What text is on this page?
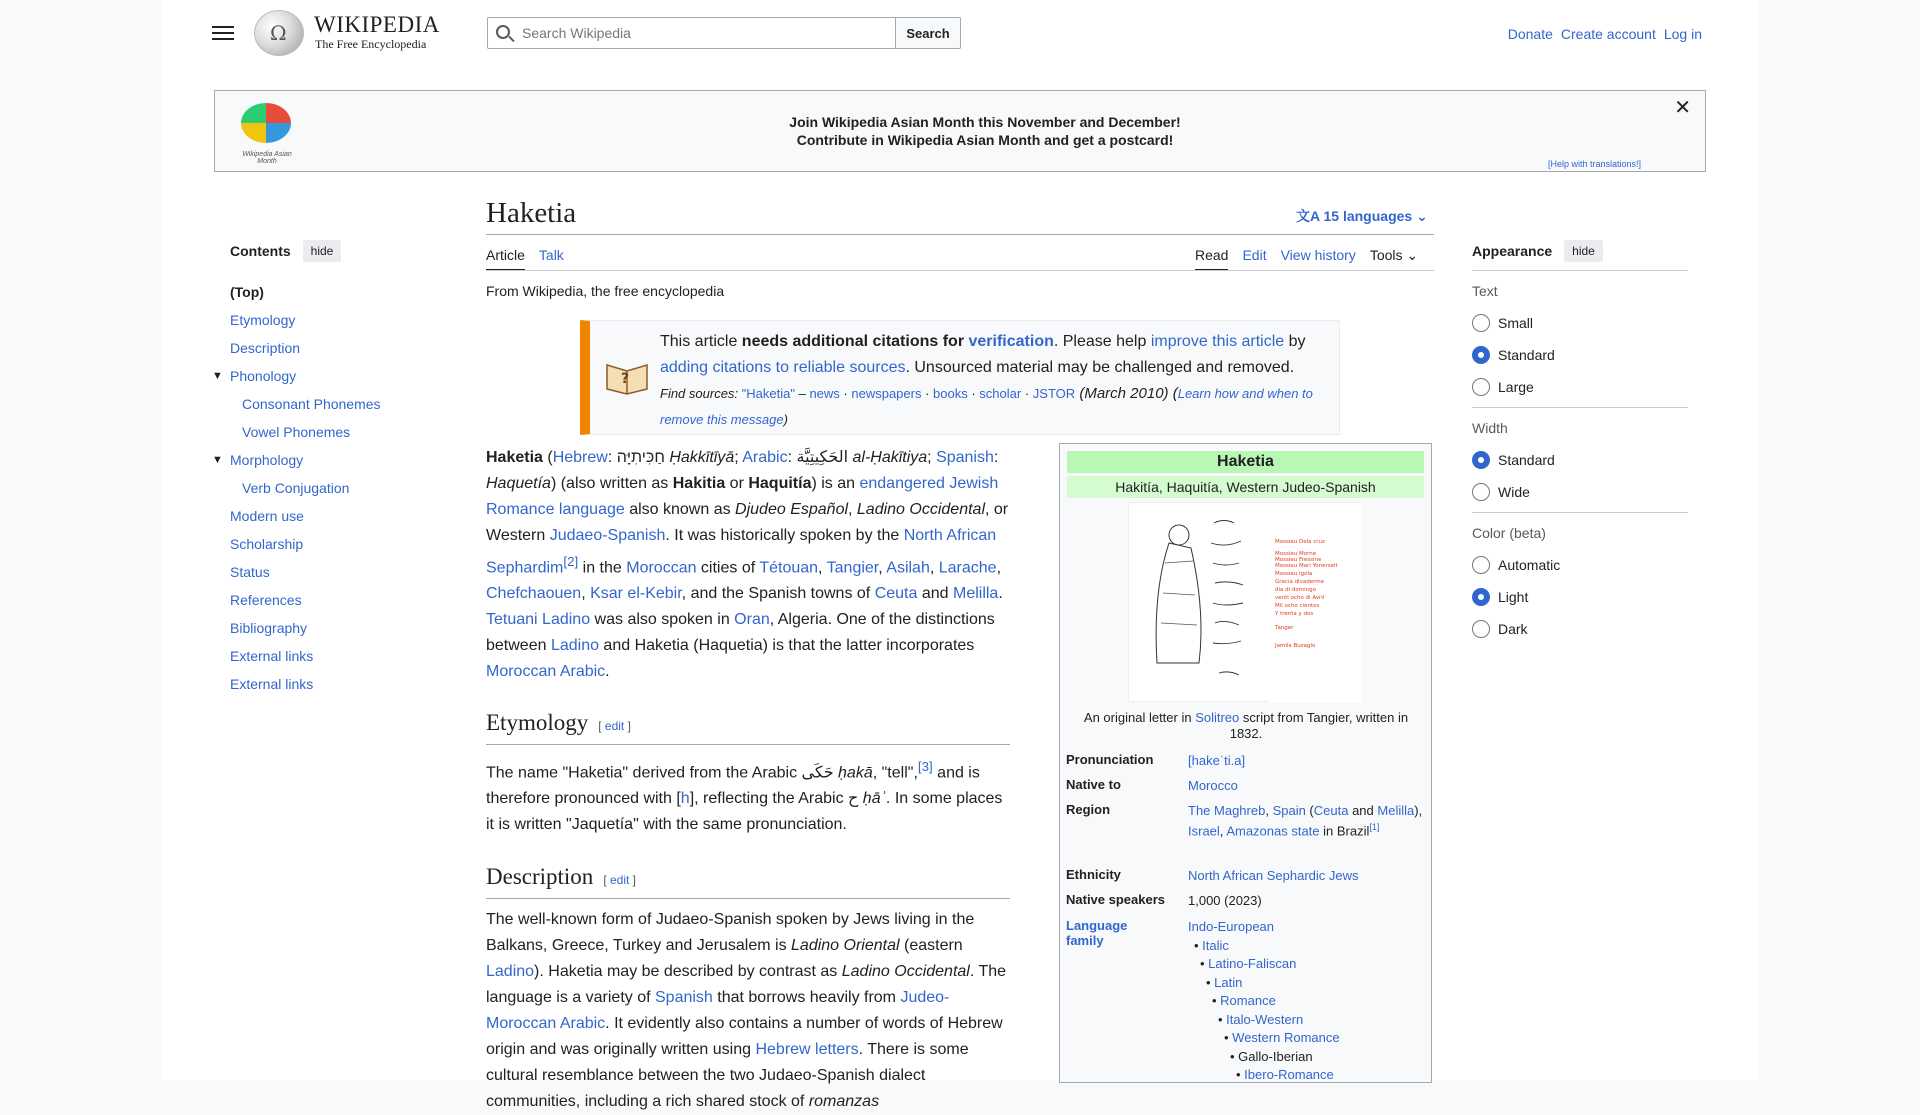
Ω
WIKIPEDIA
The Free Encyclopedia
Search Wikipedia
Search	Donate Create account Log in
Wikipedia Asian Month
Join Wikipedia Asian Month this November and December!
Contribute in Wikipedia Asian Month and get a postcard!
✕
[Help with translations!]
Contents	hide
(Top)
Etymology
Description
▼ Phonology
Consonant Phonemes
Vowel Phonemes
▼ Morphology
Verb Conjugation
Modern use
Scholarship
Status
References
Bibliography
External links
External links
Haketia	文A 15 languages ⌄
Article Talk	Read Edit View history Tools ⌄
From Wikipedia, the free encyclopedia
?
This article needs additional citations for verification. Please help improve this article by
adding citations to reliable sources. Unsourced material may be challenged and removed.
Find sources: "Haketia" – news · newspapers · books · scholar · JSTOR (March 2010) (Learn how and when to remove this message)
Haketia (Hebrew: חַכִּיתִיָּה Ḥakkītīyā; Arabic: الحَكِيتِيَّة al-Ḥakītiya; Spanish: Haquetía) (also written as Hakitia or Haquitía) is an endangered Jewish Romance language also known as Djudeo Español, Ladino Occidental, or Western Judaeo-Spanish. It was historically spoken by the North African Sephardim[2] in the Moroccan cities of Tétouan, Tangier, Asilah, Larache, Chefchaouen, Ksar el-Kebir, and the Spanish towns of Ceuta and Melilla. Tetuani Ladino was also spoken in Oran, Algeria. One of the distinctions between Ladino and Haketia (Haquetia) is that the latter incorporates Moroccan Arabic.
Etymology [ edit ]
The name "Haketia" derived from the Arabic حَكَى ḥakā, "tell",[3] and is therefore pronounced with [h], reflecting the Arabic ح ḥāʾ. In some places it is written "Jaquetía" with the same pronunciation.
Description [ edit ]
The well-known form of Judaeo-Spanish spoken by Jews living in the Balkans, Greece, Turkey and Jerusalem is Ladino Oriental (eastern Ladino). Haketia may be described by contrast as Ladino Occidental. The language is a variety of Spanish that borrows heavily from Judeo-Moroccan Arabic. It evidently also contains a number of words of Hebrew origin and was originally written using Hebrew letters. There is some cultural resemblance between the two Judaeo-Spanish dialect communities, including a rich shared stock of romanzas
Haketia
Hakitía, Haquitía, Western Judeo-Spanish
Mossieu Dela cruz
Mossieu Morne
Mossieu Fressine
Mossieu Mari Yonerselt
Mossieu Igola
Gracia divaderme
dia di domingo
venti ocho di Avril
Mil ocho cientos
Y trenta y dos
Tanger
Jamila Buzaglo
An original letter in Solitreo script from Tangier, written in 1832.
Pronunciation	[hakeˈti.a]
Native to	Morocco
Region	The Maghreb, Spain (Ceuta and Melilla), Israel, Amazonas state in Brazil[1]
Ethnicity	North African Sephardic Jews
Native speakers	1,000 (2023)
Language family
Indo-European
• Italic
• Latino-Faliscan
• Latin
• Romance
• Italo-Western
• Western Romance
• Gallo-Iberian
• Ibero-Romance
Appearance	hide
Text
Small
Standard
Large
Width
Standard
Wide
Color (beta)
Automatic
Light
Dark
